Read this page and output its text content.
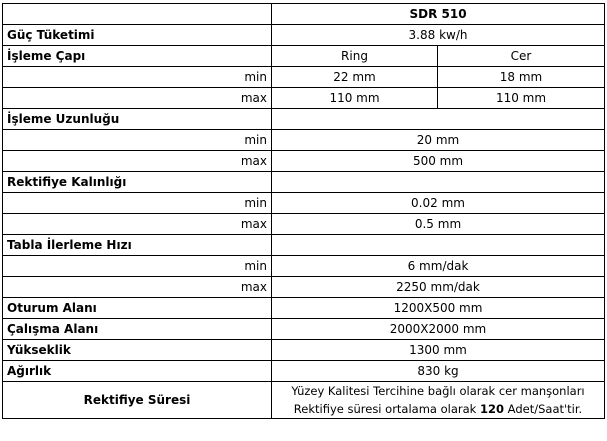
	SDR 510	
Güç Tüketimi	3.88 kw/h	
İşleme Çapı	Ring	Cer
min	22 mm	18 mm
max	110 mm	110 mm
İşleme Uzunluğu		
min	20 mm	
max	500 mm	
Rektifiye Kalınlığı		
min	0.02 mm	
max	0.5 mm	
Tabla İlerleme Hızı		
min	6 mm/dak	
max	2250 mm/dak	
Oturum Alanı	1200X500 mm	
Çalışma Alanı	2000X2000 mm	
Yükseklik	1300 mm	
Ağırlık	830 kg	
Rektifiye Süresi	Yüzey Kalitesi Tercihine bağlı olarak cer manşonları
Rektifiye süresi ortalama olarak 120 Adet/Saat'tir.	
